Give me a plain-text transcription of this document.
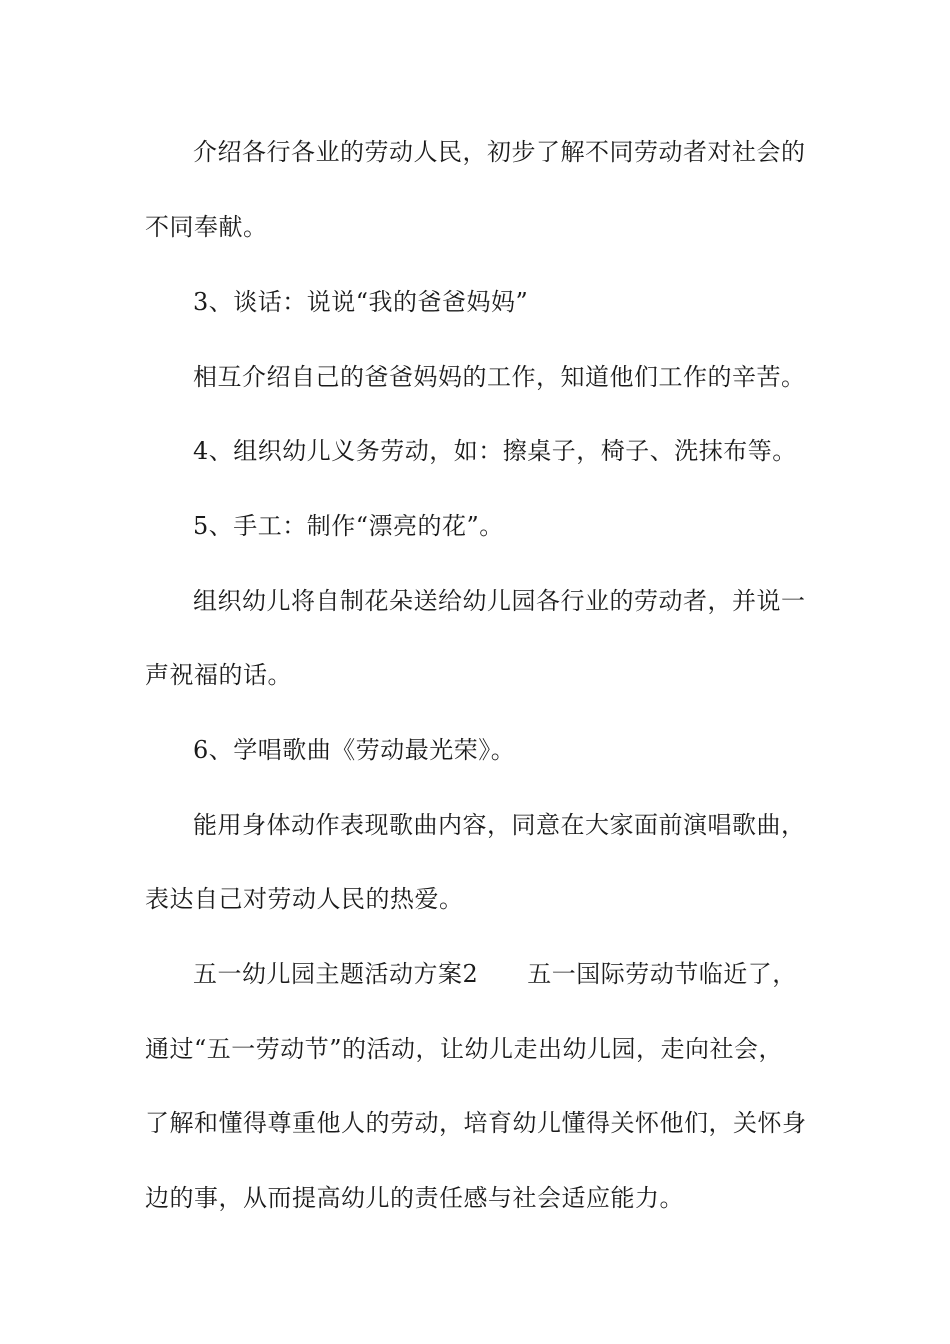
介绍各行各业的劳动人民，初步了解不同劳动者对社会的
不同奉献。
3、谈话：说说“我的爸爸妈妈”
相互介绍自己的爸爸妈妈的工作，知道他们工作的辛苦。
4、组织幼儿义务劳动，如：擦桌子，椅子、洗抹布等。
5、手工：制作“漂亮的花”。
组织幼儿将自制花朵送给幼儿园各行业的劳动者，并说一
声祝福的话。
6、学唱歌曲《劳动最光荣》。
能用身体动作表现歌曲内容，同意在大家面前演唱歌曲，
表达自己对劳动人民的热爱。
五一幼儿园主题活动方案2　　五一国际劳动节临近了，
通过“五一劳动节”的活动，让幼儿走出幼儿园，走向社会，
了解和懂得尊重他人的劳动，培育幼儿懂得关怀他们，关怀身
边的事，从而提高幼儿的责任感与社会适应能力。
